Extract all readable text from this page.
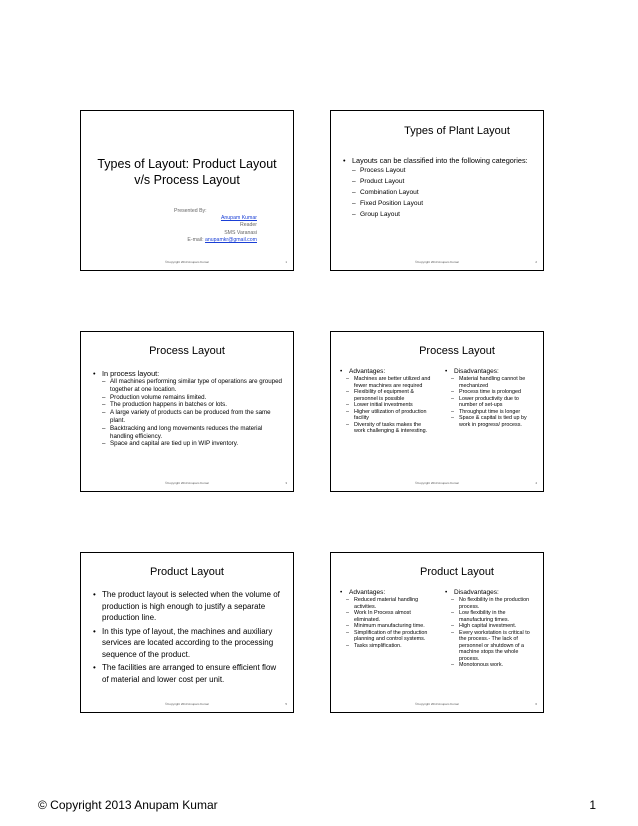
Types of Layout: Product Layout
v/s Process Layout
Presented By:
Anupam Kumar
Reader
SMS Varanasi
E-mail: anupamkr@gmail.com
©Copyright 2013 Anupam Kumar	1
Types of Plant Layout

• Layouts can be classified into the following categories:

– Process Layout

– Product Layout

– Combination Layout

– Fixed Position Layout

– Group Layout

©Copyright 2013 Anupam Kumar	2
Process Layout

• In process layout:

– All machines performing similar type of operations are grouped together at one location.

– Production volume remains limited.

– The production happens in batches or lots.

– A large variety of products can be produced from the same plant.

– Backtracking and long movements reduces the material handling efficiency.

– Space and capital are tied up in WIP inventory.

©Copyright 2013 Anupam Kumar	3
Process Layout

• Advantages:

– Machines are better utilized and fewer machines are required

– Flexibility of equipment & personnel is possible

– Lower initial investments

– Higher utilization of production facility

– Diversity of tasks makes the work challenging & interesting.

• Disadvantages:

– Material handling cannot be mechanized

– Process time is prolonged

– Lower productivity due to number of set-ups

– Throughput time is longer

– Space & capital is tied up by work in progress/ process.

©Copyright 2013 Anupam Kumar	4
Product Layout

• The product layout is selected when the volume of production is high enough to justify a separate production line.

• In this type of layout, the machines and auxiliary services are located according to the processing sequence of the product.

• The facilities are arranged to ensure efficient flow of material and lower cost per unit.

©Copyright 2013 Anupam Kumar	5
Product Layout

• Advantages:

– Reduced material handling activities.

– Work In Process almost eliminated.

– Minimum manufacturing time.

– Simplification of the production planning and control systems.

– Tasks simplification.

• Disadvantages:

– No flexibility in the production process.

– Low flexibility in the manufacturing times.

– High capital investment.

– Every workstation is critical to the process.- The lack of personnel or shutdown of a machine stops the whole process.

– Monotonous work.

©Copyright 2013 Anupam Kumar	6
© Copyright 2013 Anupam Kumar	1
